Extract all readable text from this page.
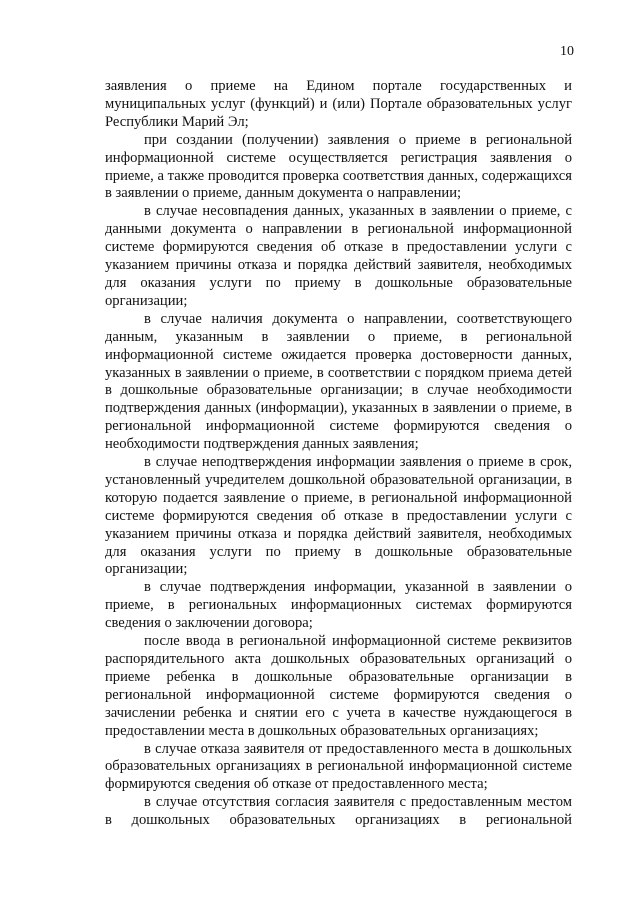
10

заявления о приеме на Едином портале государственных и муниципальных услуг (функций) и (или) Портале образовательных услуг Республики Марий Эл;

при создании (получении) заявления о приеме в региональной информационной системе осуществляется регистрация заявления о приеме, а также проводится проверка соответствия данных, содержащихся в заявлении о приеме, данным документа о направлении;

в случае несовпадения данных, указанных в заявлении о приеме, с данными документа о направлении в региональной информационной системе формируются сведения об отказе в предоставлении услуги с указанием причины отказа и порядка действий заявителя, необходимых для оказания услуги по приему в дошкольные образовательные организации;

в случае наличия документа о направлении, соответствующего данным, указанным в заявлении о приеме, в региональной информационной системе ожидается проверка достоверности данных, указанных в заявлении о приеме, в соответствии с порядком приема детей в дошкольные образовательные организации; в случае необходимости подтверждения данных (информации), указанных в заявлении о приеме, в региональной информационной системе формируются сведения о необходимости подтверждения данных заявления;

в случае неподтверждения информации заявления о приеме в срок, установленный учредителем дошкольной образовательной организации, в которую подается заявление о приеме, в региональной информационной системе формируются сведения об отказе в предоставлении услуги с указанием причины отказа и порядка действий заявителя, необходимых для оказания услуги по приему в дошкольные образовательные организации;

в случае подтверждения информации, указанной в заявлении о приеме, в региональных информационных системах формируются сведения о заключении договора;

после ввода в региональной информационной системе реквизитов распорядительного акта дошкольных образовательных организаций о приеме ребенка в дошкольные образовательные организации в региональной информационной системе формируются сведения о зачислении ребенка и снятии его с учета в качестве нуждающегося в предоставлении места в дошкольных образовательных организациях;

в случае отказа заявителя от предоставленного места в дошкольных образовательных организациях в региональной информационной системе формируются сведения об отказе от предоставленного места;

в случае отсутствия согласия заявителя с предоставленным местом в дошкольных образовательных организациях в региональной
